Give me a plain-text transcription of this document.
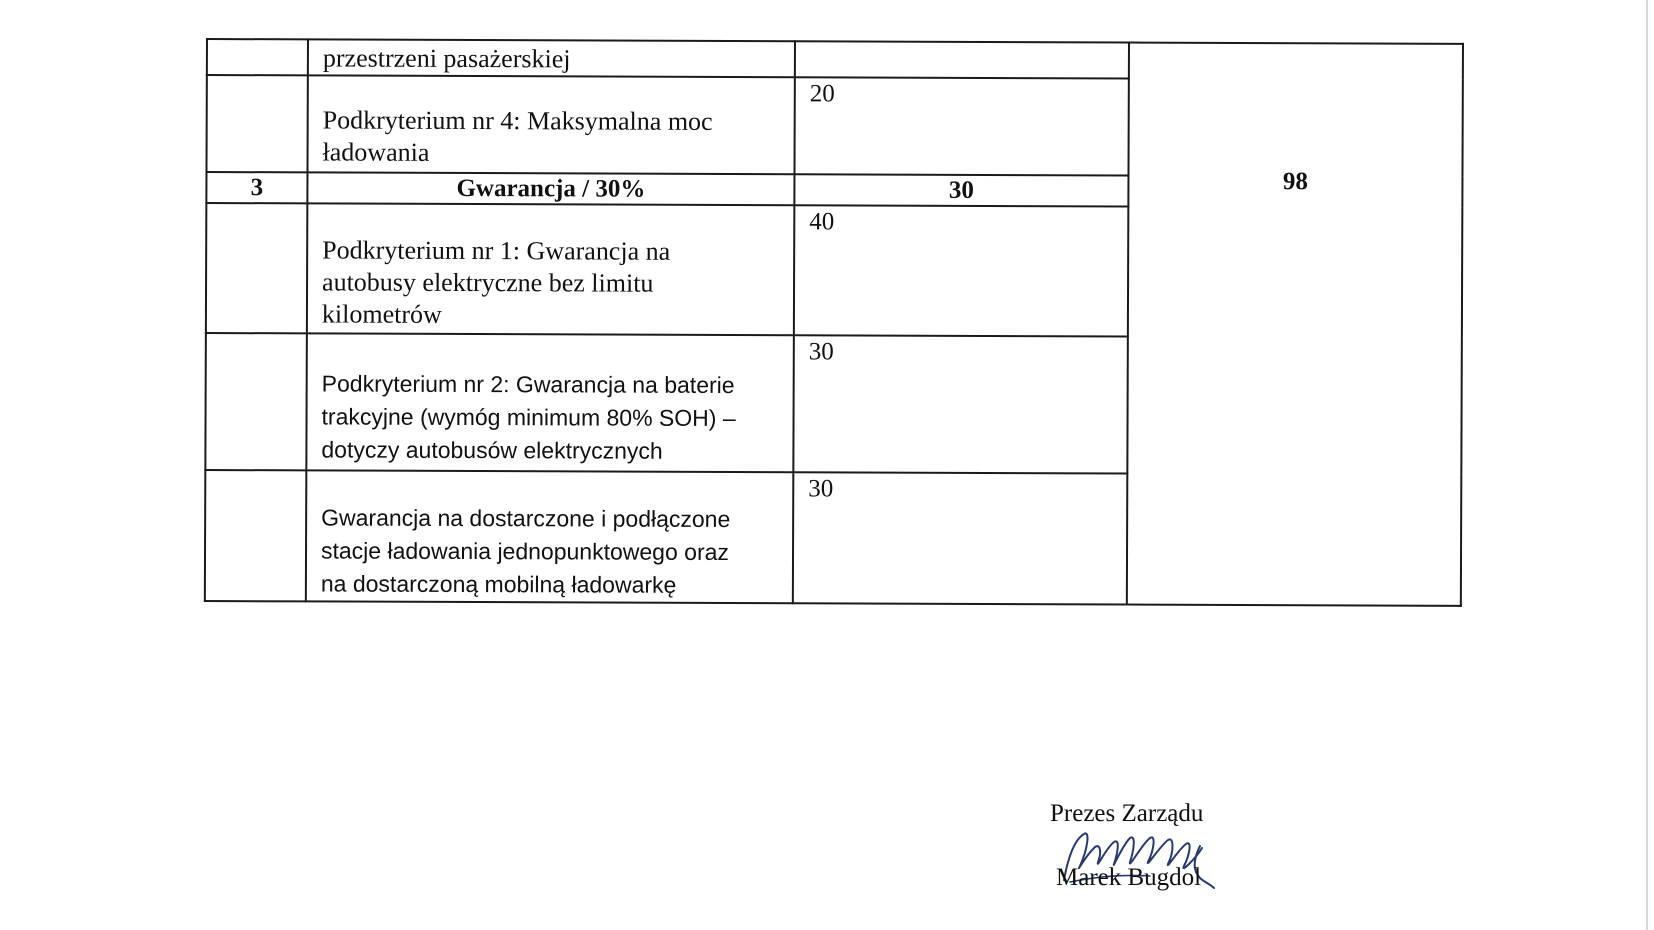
	przestrzeni pasażerskiej		98

	Podkryterium nr 4: Maksymalna moc
ładowania	20	

3	Gwarancja / 30%	30	

	Podkryterium nr 1: Gwarancja na
autobusy elektryczne bez limitu
kilometrów	40	

	Podkryterium nr 2: Gwarancja na baterie
trakcyjne (wymóg minimum 80% SOH) –
dotyczy autobusów elektrycznych	30	

	Gwarancja na dostarczone i podłączone
stacje ładowania jednopunktowego oraz
na dostarczoną mobilną ładowarkę	30	
Prezes Zarządu
Marek Bugdol
